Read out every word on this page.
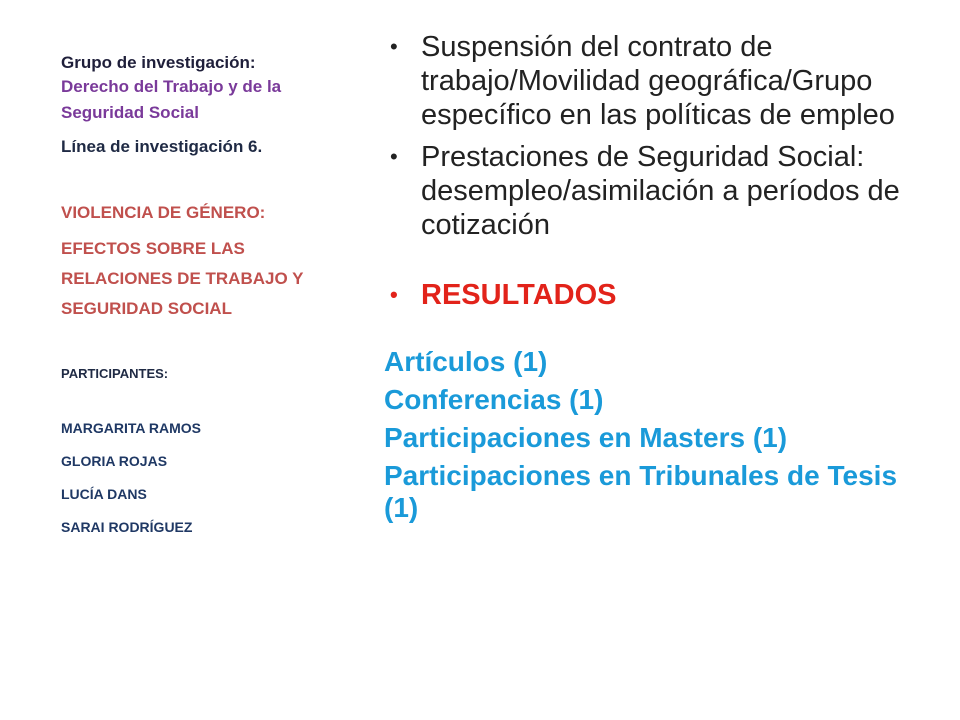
Grupo de investigación:
Derecho del Trabajo y de la Seguridad Social
Línea de investigación 6.
VIOLENCIA DE GÉNERO:
EFECTOS SOBRE LAS RELACIONES DE TRABAJO Y SEGURIDAD SOCIAL
PARTICIPANTES:
MARGARITA RAMOS
GLORIA ROJAS
LUCÍA DANS
SARAI RODRÍGUEZ
• Suspensión del contrato de trabajo/Movilidad geográfica/Grupo específico en las políticas de empleo
• Prestaciones de Seguridad Social: desempleo/asimilación a períodos de cotización
• RESULTADOS
Artículos (1)
Conferencias (1)
Participaciones en Masters (1)
Participaciones en Tribunales de Tesis (1)
